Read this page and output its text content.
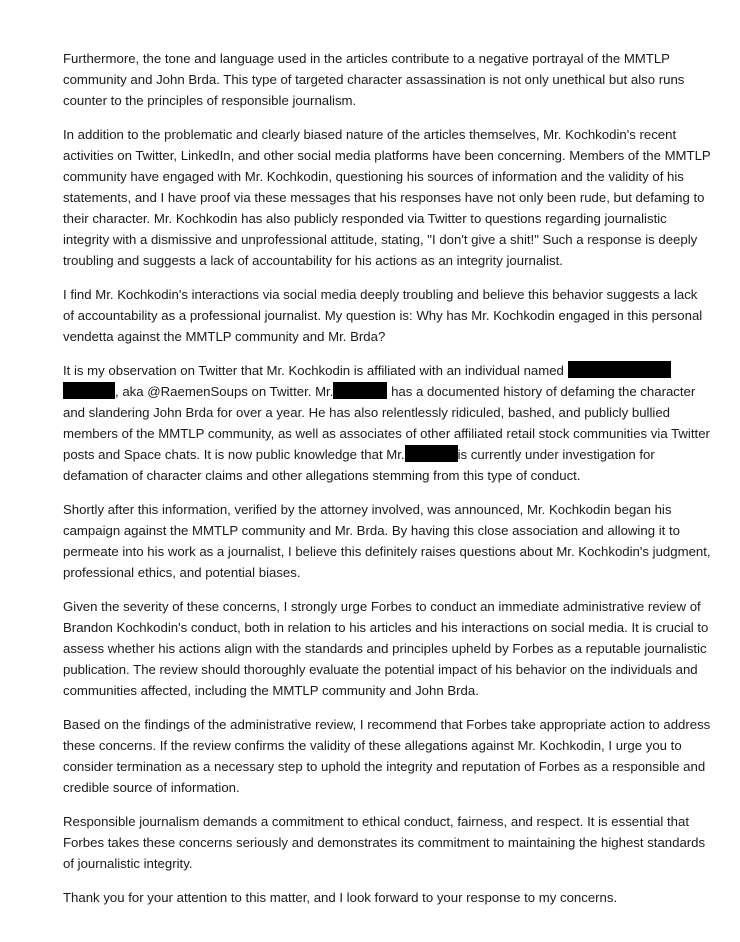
Furthermore, the tone and language used in the articles contribute to a negative portrayal of the MMTLP community and John Brda. This type of targeted character assassination is not only unethical but also runs counter to the principles of responsible journalism.

In addition to the problematic and clearly biased nature of the articles themselves, Mr. Kochkodin's recent activities on Twitter, LinkedIn, and other social media platforms have been concerning. Members of the MMTLP community have engaged with Mr. Kochkodin, questioning his sources of information and the validity of his statements, and I have proof via these messages that his responses have not only been rude, but defaming to their character. Mr. Kochkodin has also publicly responded via Twitter to questions regarding journalistic integrity with a dismissive and unprofessional attitude, stating, "I don't give a shit!" Such a response is deeply troubling and suggests a lack of accountability for his actions as an integrity journalist.

I find Mr. Kochkodin's interactions via social media deeply troubling and believe this behavior suggests a lack of accountability as a professional journalist. My question is: Why has Mr. Kochkodin engaged in this personal vendetta against the MMTLP community and Mr. Brda?

It is my observation on Twitter that Mr. Kochkodin is affiliated with an individual named
, aka @RaemenSoups on Twitter. Mr.	has a documented history of defaming the character and slandering John Brda for over a year. He has also relentlessly ridiculed, bashed, and publicly bullied members of the MMTLP community, as well as associates of other affiliated retail stock communities via Twitter posts and Space chats. It is now public knowledge that Mr.	is currently under investigation for defamation of character claims and other allegations stemming from this type of conduct.

Shortly after this information, verified by the attorney involved, was announced, Mr. Kochkodin began his campaign against the MMTLP community and Mr. Brda. By having this close association and allowing it to permeate into his work as a journalist, I believe this definitely raises questions about Mr. Kochkodin's judgment, professional ethics, and potential biases.

Given the severity of these concerns, I strongly urge Forbes to conduct an immediate administrative review of Brandon Kochkodin's conduct, both in relation to his articles and his interactions on social media. It is crucial to assess whether his actions align with the standards and principles upheld by Forbes as a reputable journalistic publication. The review should thoroughly evaluate the potential impact of his behavior on the individuals and communities affected, including the MMTLP community and John Brda.

Based on the findings of the administrative review, I recommend that Forbes take appropriate action to address these concerns. If the review confirms the validity of these allegations against Mr. Kochkodin, I urge you to consider termination as a necessary step to uphold the integrity and reputation of Forbes as a responsible and credible source of information.

Responsible journalism demands a commitment to ethical conduct, fairness, and respect. It is essential that Forbes takes these concerns seriously and demonstrates its commitment to maintaining the highest standards of journalistic integrity.

Thank you for your attention to this matter, and I look forward to your response to my concerns.
